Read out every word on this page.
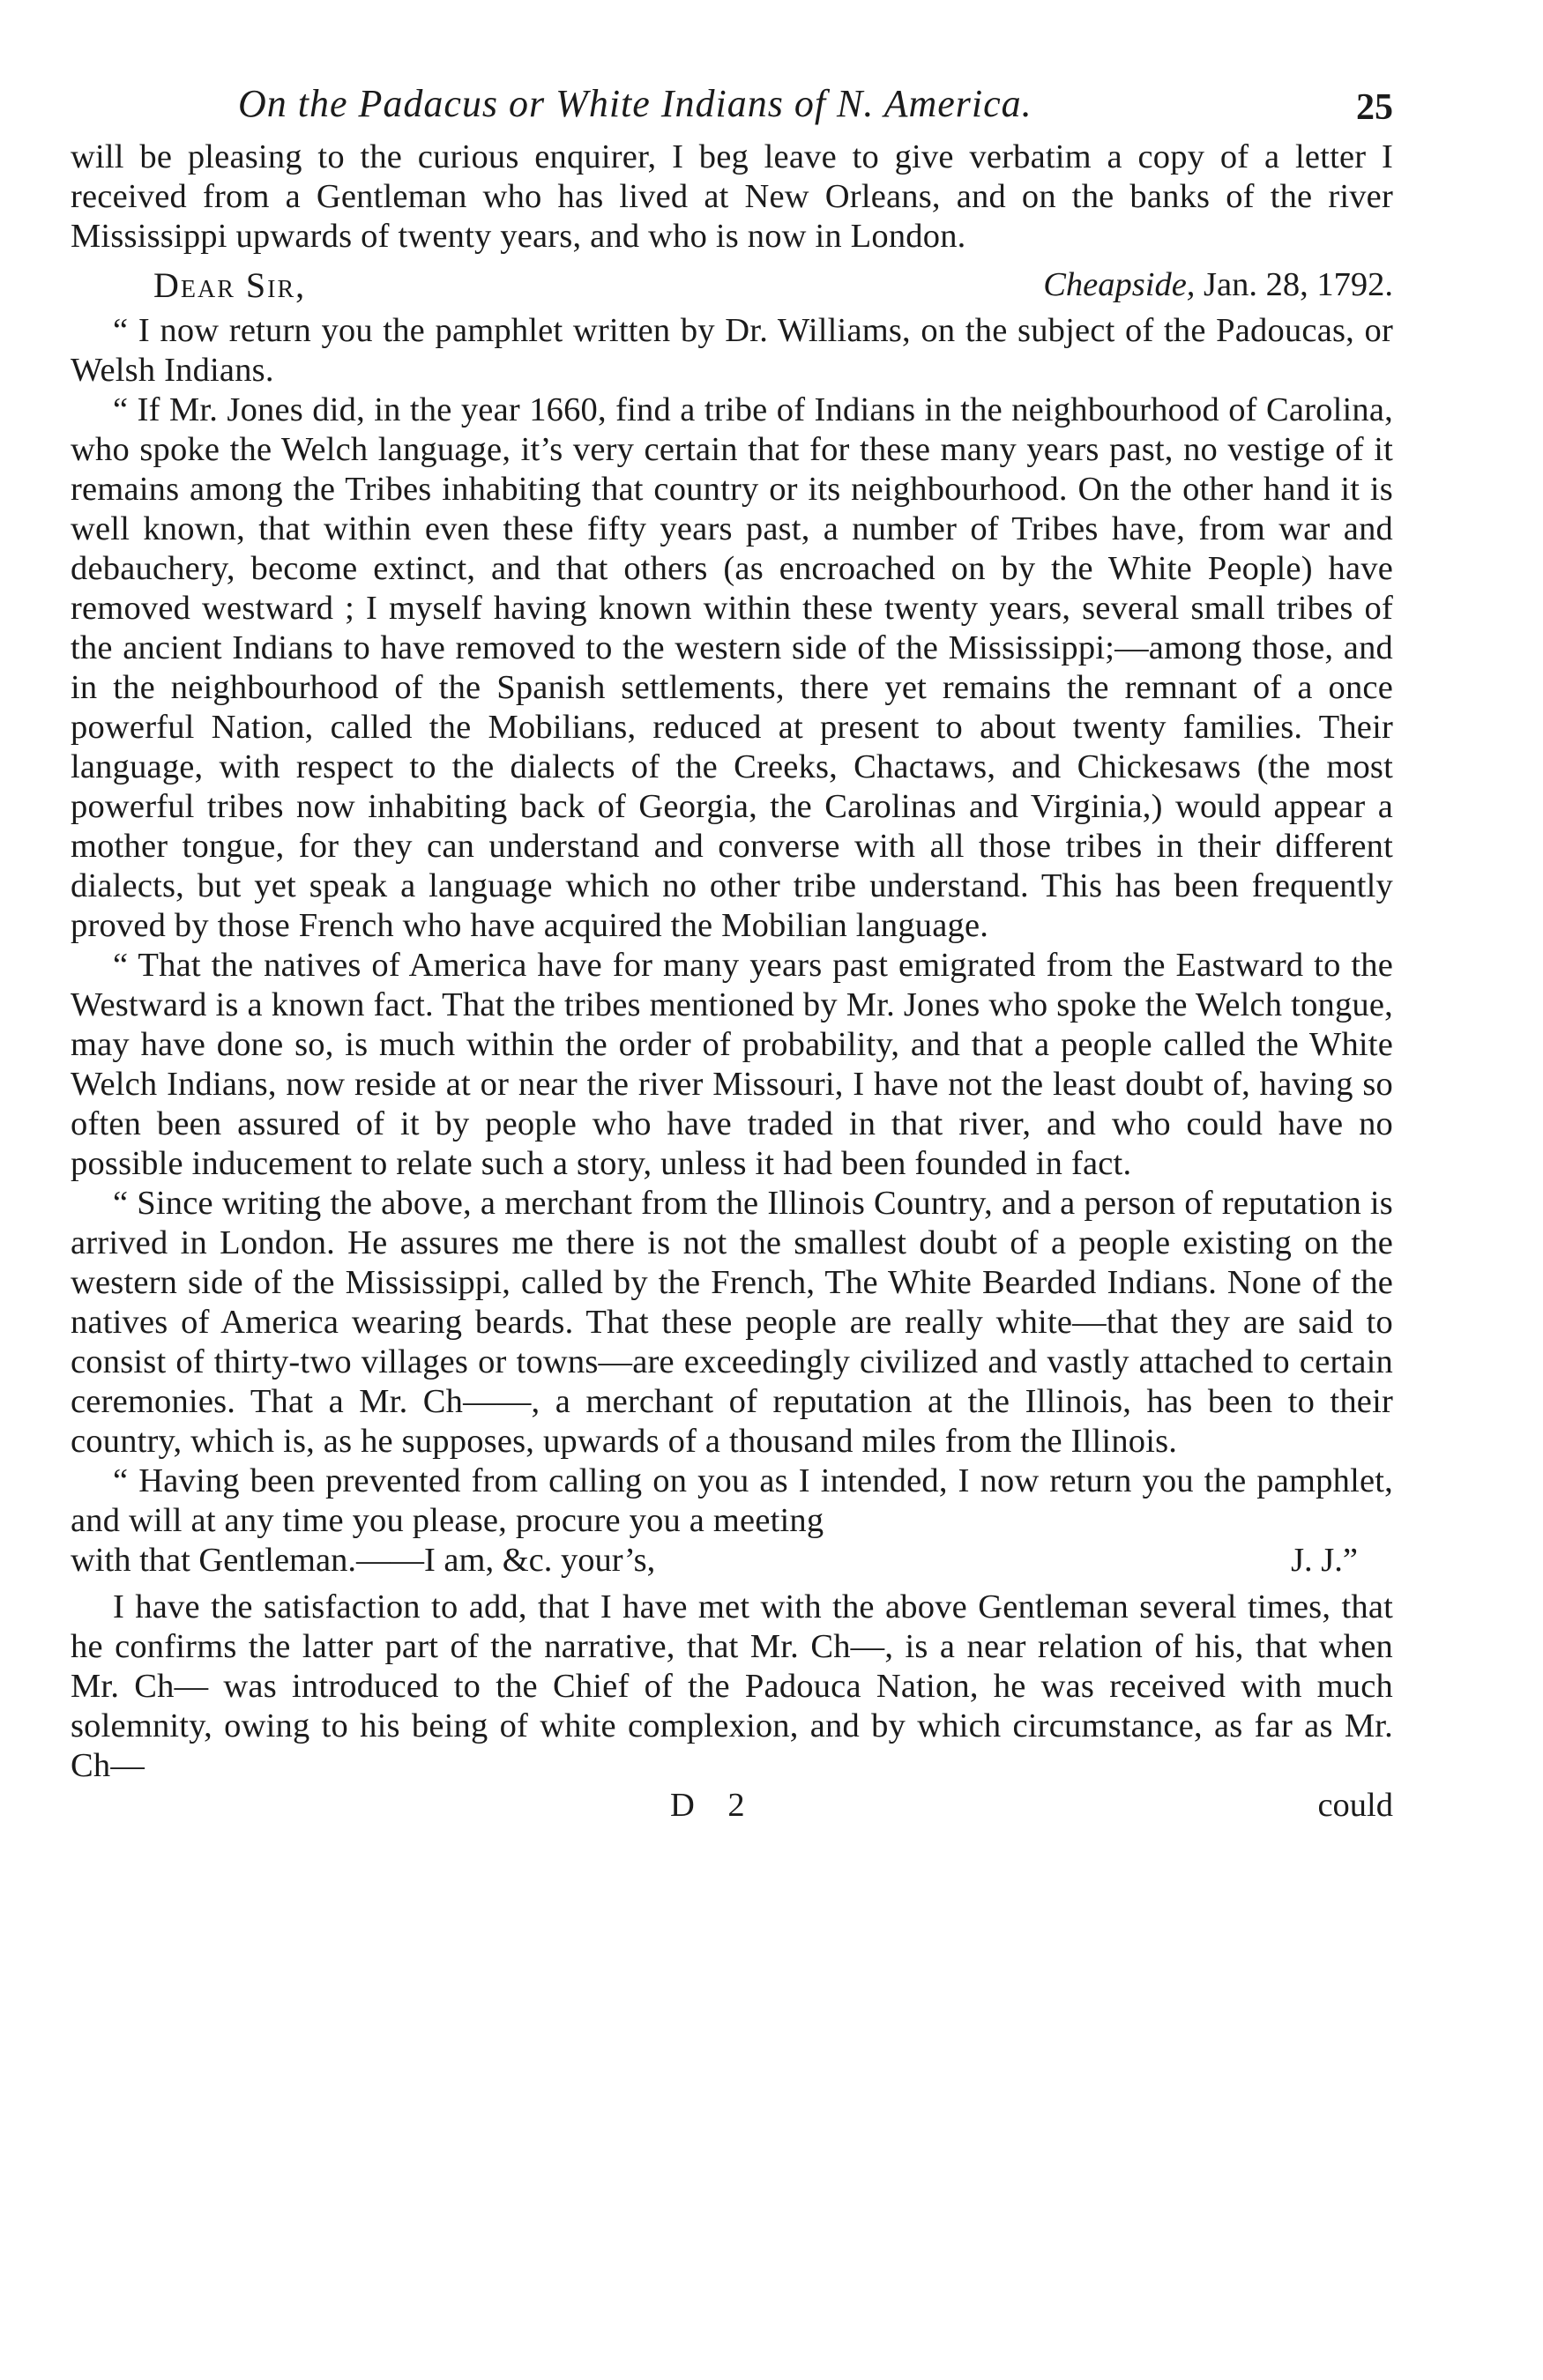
On the Padacus or White Indians of N. America.	25

will be pleasing to the curious enquirer, I beg leave to give verbatim a copy of a letter I received from a Gentleman who has lived at New Orleans, and on the banks of the river Mississippi upwards of twenty years, and who is now in London.

Dear Sir,	Cheapside, Jan. 28, 1792.

“ I now return you the pamphlet written by Dr. Williams, on the subject of the Padoucas, or Welsh Indians.

“ If Mr. Jones did, in the year 1660, find a tribe of Indians in the neighbourhood of Carolina, who spoke the Welch language, it’s very certain that for these many years past, no vestige of it remains among the Tribes inhabiting that country or its neighbourhood. On the other hand it is well known, that within even these fifty years past, a number of Tribes have, from war and debauchery, become extinct, and that others (as encroached on by the White People) have removed westward ; I myself having known within these twenty years, several small tribes of the ancient Indians to have removed to the western side of the Mississippi;—among those, and in the neighbourhood of the Spanish settlements, there yet remains the remnant of a once powerful Nation, called the Mobilians, reduced at present to about twenty families. Their language, with respect to the dialects of the Creeks, Chactaws, and Chickesaws (the most powerful tribes now inhabiting back of Georgia, the Carolinas and Virginia,) would appear a mother tongue, for they can understand and converse with all those tribes in their different dialects, but yet speak a language which no other tribe understand. This has been frequently proved by those French who have acquired the Mobilian language.

“ That the natives of America have for many years past emigrated from the Eastward to the Westward is a known fact. That the tribes mentioned by Mr. Jones who spoke the Welch tongue, may have done so, is much within the order of probability, and that a people called the White Welch Indians, now reside at or near the river Missouri, I have not the least doubt of, having so often been assured of it by people who have traded in that river, and who could have no possible inducement to relate such a story, unless it had been founded in fact.

“ Since writing the above, a merchant from the Illinois Country, and a person of reputation is arrived in London. He assures me there is not the smallest doubt of a people existing on the western side of the Mississippi, called by the French, The White Bearded Indians. None of the natives of America wearing beards. That these people are really white—that they are said to consist of thirty-two villages or towns—are exceedingly civilized and vastly attached to certain ceremonies. That a Mr. Ch——, a merchant of reputation at the Illinois, has been to their country, which is, as he supposes, upwards of a thousand miles from the Illinois.

“ Having been prevented from calling on you as I intended, I now return you the pamphlet, and will at any time you please, procure you a meeting

with that Gentleman.——I am, &c. your’s,	J. J.”

I have the satisfaction to add, that I have met with the above Gentleman several times, that he confirms the latter part of the narrative, that Mr. Ch—, is a near relation of his, that when Mr. Ch— was introduced to the Chief of the Padouca Nation, he was received with much solemnity, owing to his being of white complexion, and by which circumstance, as far as Mr. Ch—

D 2	could
